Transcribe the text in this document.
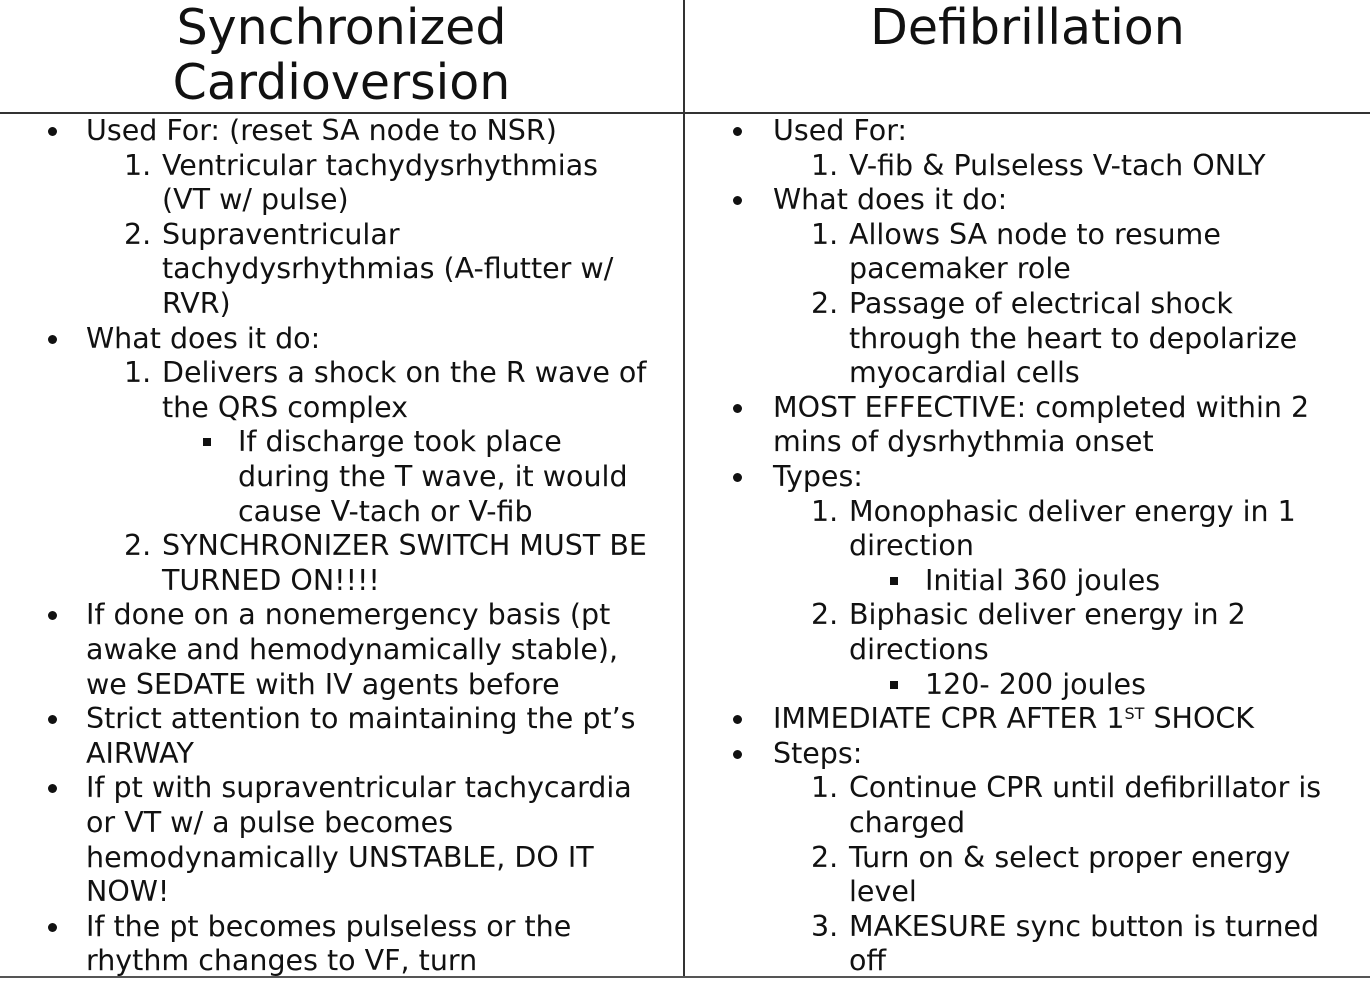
Synchronized
Cardioversion
Defibrillation
Used For: (reset SA node to NSR)
1. Ventricular tachydysrhythmias
(VT w/ pulse)
2. Supraventricular
tachydysrhythmias (A-flutter w/
RVR)
What does it do:
1. Delivers a shock on the R wave of
the QRS complex
If discharge took place
during the T wave, it would
cause V-tach or V-fib
2. SYNCHRONIZER SWITCH MUST BE
TURNED ON!!!!
If done on a nonemergency basis (pt
awake and hemodynamically stable),
we SEDATE with IV agents before
Strict attention to maintaining the pt’s
AIRWAY
If pt with supraventricular tachycardia
or VT w/ a pulse becomes
hemodynamically UNSTABLE, DO IT
NOW!
If the pt becomes pulseless or the
rhythm changes to VF, turn
Used For:
1. V-fib & Pulseless V-tach ONLY
What does it do:
1. Allows SA node to resume
pacemaker role
2. Passage of electrical shock
through the heart to depolarize
myocardial cells
MOST EFFECTIVE: completed within 2
mins of dysrhythmia onset
Types:
1. Monophasic deliver energy in 1
direction
Initial 360 joules
2. Biphasic deliver energy in 2
directions
120- 200 joules
IMMEDIATE CPR AFTER 1ST SHOCK
Steps:
1. Continue CPR until defibrillator is
charged
2. Turn on & select proper energy
level
3. MAKESURE sync button is turned
off
